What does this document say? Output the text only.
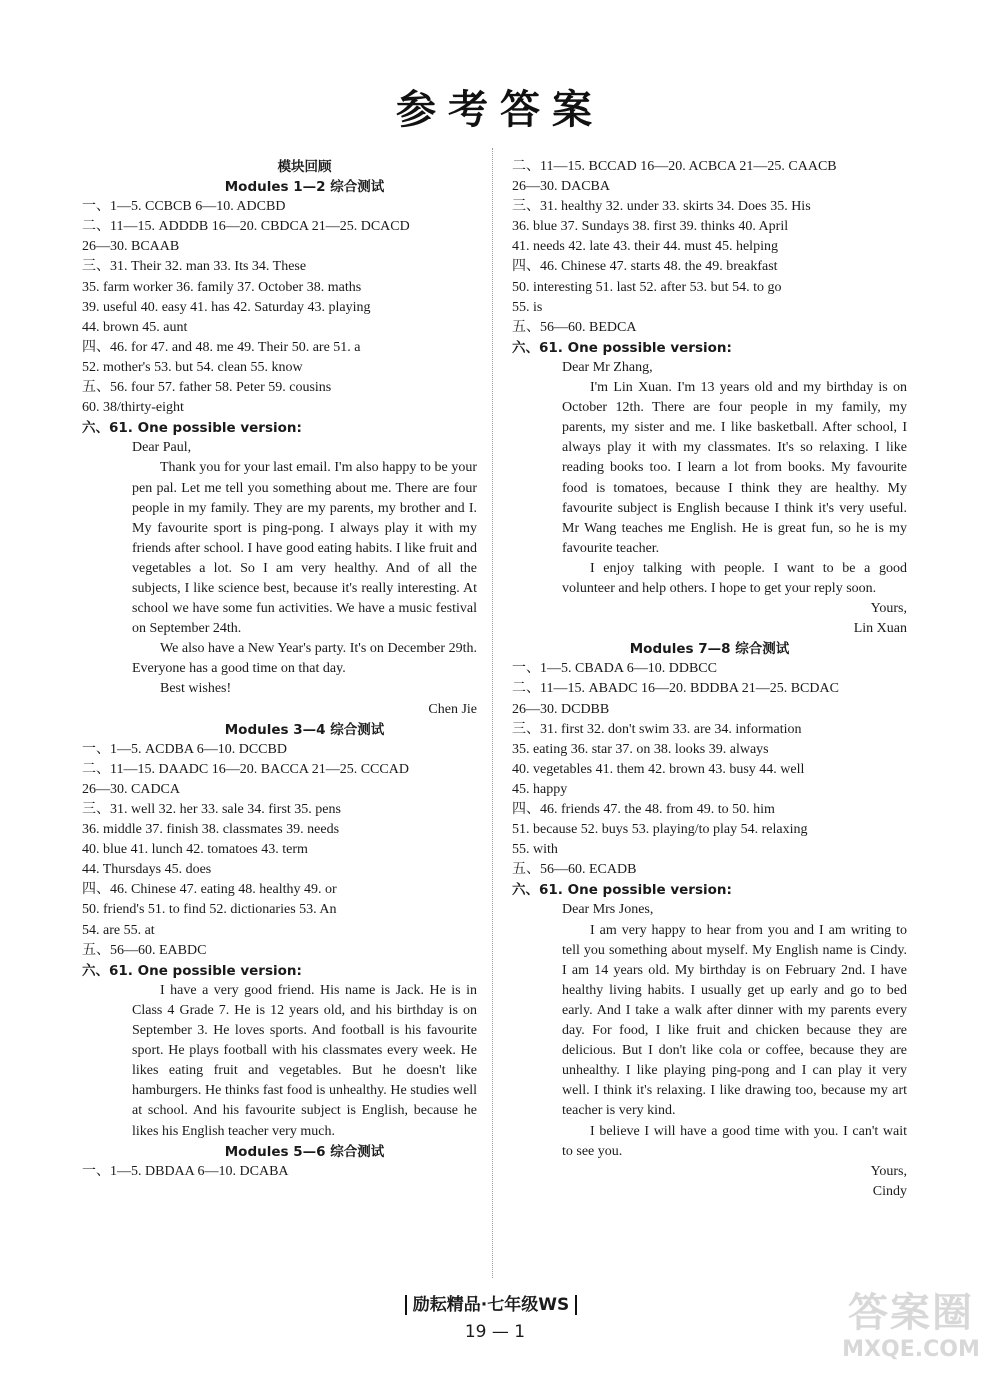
参考答案
模块回顾
Modules 1—2 综合测试
一、1—5. CCBCB 6—10. ADCBD
二、11—15. ADDDB 16—20. CBDCA 21—25. DCACD
26—30. BCAAB
三、31. Their 32. man 33. Its 34. These
35. farm worker 36. family 37. October 38. maths
39. useful 40. easy 41. has 42. Saturday 43. playing
44. brown 45. aunt
四、46. for 47. and 48. me 49. Their 50. are 51. a
52. mother's 53. but 54. clean 55. know
五、56. four 57. father 58. Peter 59. cousins
60. 38/thirty-eight
六、61. One possible version:
Dear Paul,

Thank you for your last email. I'm also happy to be your pen pal. Let me tell you something about me. There are four people in my family. They are my parents, my brother and I. My favourite sport is ping-pong. I always play it with my friends after school. I have good eating habits. I like fruit and vegetables a lot. So I am very healthy. And of all the subjects, I like science best, because it's really interesting. At school we have some fun activities. We have a music festival on September 24th.

We also have a New Year's party. It's on December 29th. Everyone has a good time on that day.

Best wishes!

Chen Jie
Modules 3—4 综合测试
一、1—5. ACDBA 6—10. DCCBD
二、11—15. DAADC 16—20. BACCA 21—25. CCCAD
26—30. CADCA
三、31. well 32. her 33. sale 34. first 35. pens
36. middle 37. finish 38. classmates 39. needs
40. blue 41. lunch 42. tomatoes 43. term
44. Thursdays 45. does
四、46. Chinese 47. eating 48. healthy 49. or
50. friend's 51. to find 52. dictionaries 53. An
54. are 55. at
五、56—60. EABDC
六、61. One possible version:

I have a very good friend. His name is Jack. He is in Class 4 Grade 7. He is 12 years old, and his birthday is on September 3. He loves sports. And football is his favourite sport. He plays football with his classmates every week. He likes eating fruit and vegetables. But he doesn't like hamburgers. He thinks fast food is unhealthy. He studies well at school. And his favourite subject is English, because he likes his English teacher very much.

Modules 5—6 综合测试
一、1—5. DBDAA 6—10. DCABA
二、11—15. BCCAD 16—20. ACBCA 21—25. CAACB
26—30. DACBA
三、31. healthy 32. under 33. skirts 34. Does 35. His
36. blue 37. Sundays 38. first 39. thinks 40. April
41. needs 42. late 43. their 44. must 45. helping
四、46. Chinese 47. starts 48. the 49. breakfast
50. interesting 51. last 52. after 53. but 54. to go
55. is
五、56—60. BEDCA
六、61. One possible version:
Dear Mr Zhang,

I'm Lin Xuan. I'm 13 years old and my birthday is on October 12th. There are four people in my family, my parents, my sister and me. I like basketball. After school, I always play it with my classmates. It's so relaxing. I like reading books too. I learn a lot from books. My favourite food is tomatoes, because I think they are healthy. My favourite subject is English because I think it's very useful. Mr Wang teaches me English. He is great fun, so he is my favourite teacher.

I enjoy talking with people. I want to be a good volunteer and help others. I hope to get your reply soon.

Yours,
Lin Xuan
Modules 7—8 综合测试
一、1—5. CBADA 6—10. DDBCC
二、11—15. ABADC 16—20. BDDBA 21—25. BCDAC
26—30. DCDBB
三、31. first 32. don't swim 33. are 34. information
35. eating 36. star 37. on 38. looks 39. always
40. vegetables 41. them 42. brown 43. busy 44. well
45. happy
四、46. friends 47. the 48. from 49. to 50. him
51. because 52. buys 53. playing/to play 54. relaxing
55. with
五、56—60. ECADB
六、61. One possible version:
Dear Mrs Jones,

I am very happy to hear from you and I am writing to tell you something about myself. My English name is Cindy. I am 14 years old. My birthday is on February 2nd. I have healthy living habits. I usually get up early and go to bed early. And I take a walk after dinner with my parents every day. For food, I like fruit and chicken because they are delicious. But I don't like cola or coffee, because they are unhealthy. I like playing ping-pong and I can play it very well. I think it's relaxing. I like drawing too, because my art teacher is very kind.

I believe I will have a good time with you. I can't wait to see you.

Yours,
Cindy
励耘精品·七年级WS
19 — 1	答案圈
MXQE.COM
